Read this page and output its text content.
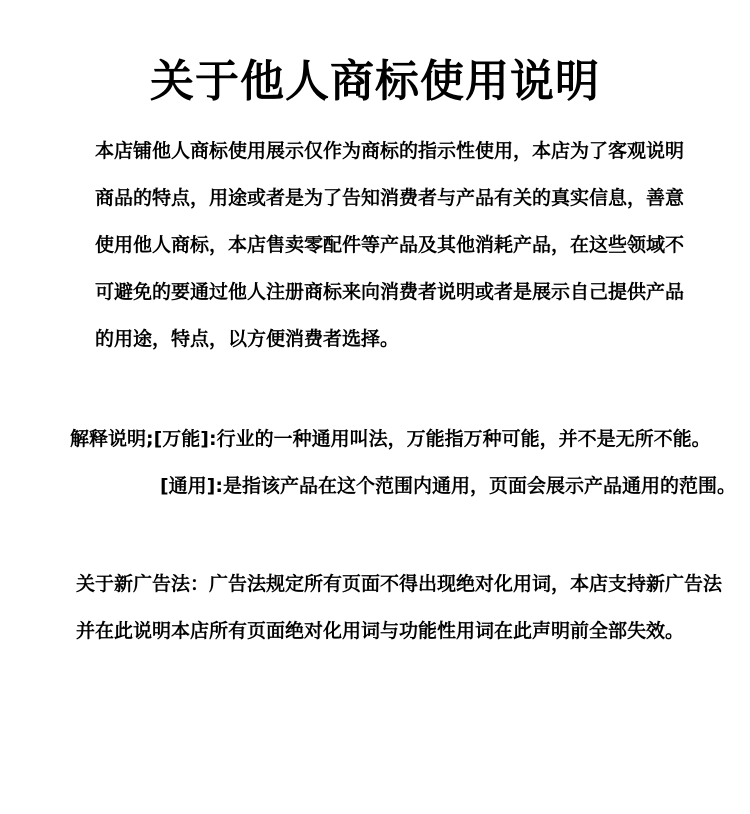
关于他人商标使用说明
本店铺他人商标使用展示仅作为商标的指示性使用，本店为了客观说明
商品的特点，用途或者是为了告知消费者与产品有关的真实信息，善意
使用他人商标，本店售卖零配件等产品及其他消耗产品，在这些领域不
可避免的要通过他人注册商标来向消费者说明或者是展示自己提供产品
的用途，特点，以方便消费者选择。
解释说明;[万能]:行业的一种通用叫法，万能指万种可能，并不是无所不能。
[通用]:是指该产品在这个范围内通用，页面会展示产品通用的范围。
关于新广告法：广告法规定所有页面不得出现绝对化用词，本店支持新广告法
并在此说明本店所有页面绝对化用词与功能性用词在此声明前全部失效。
